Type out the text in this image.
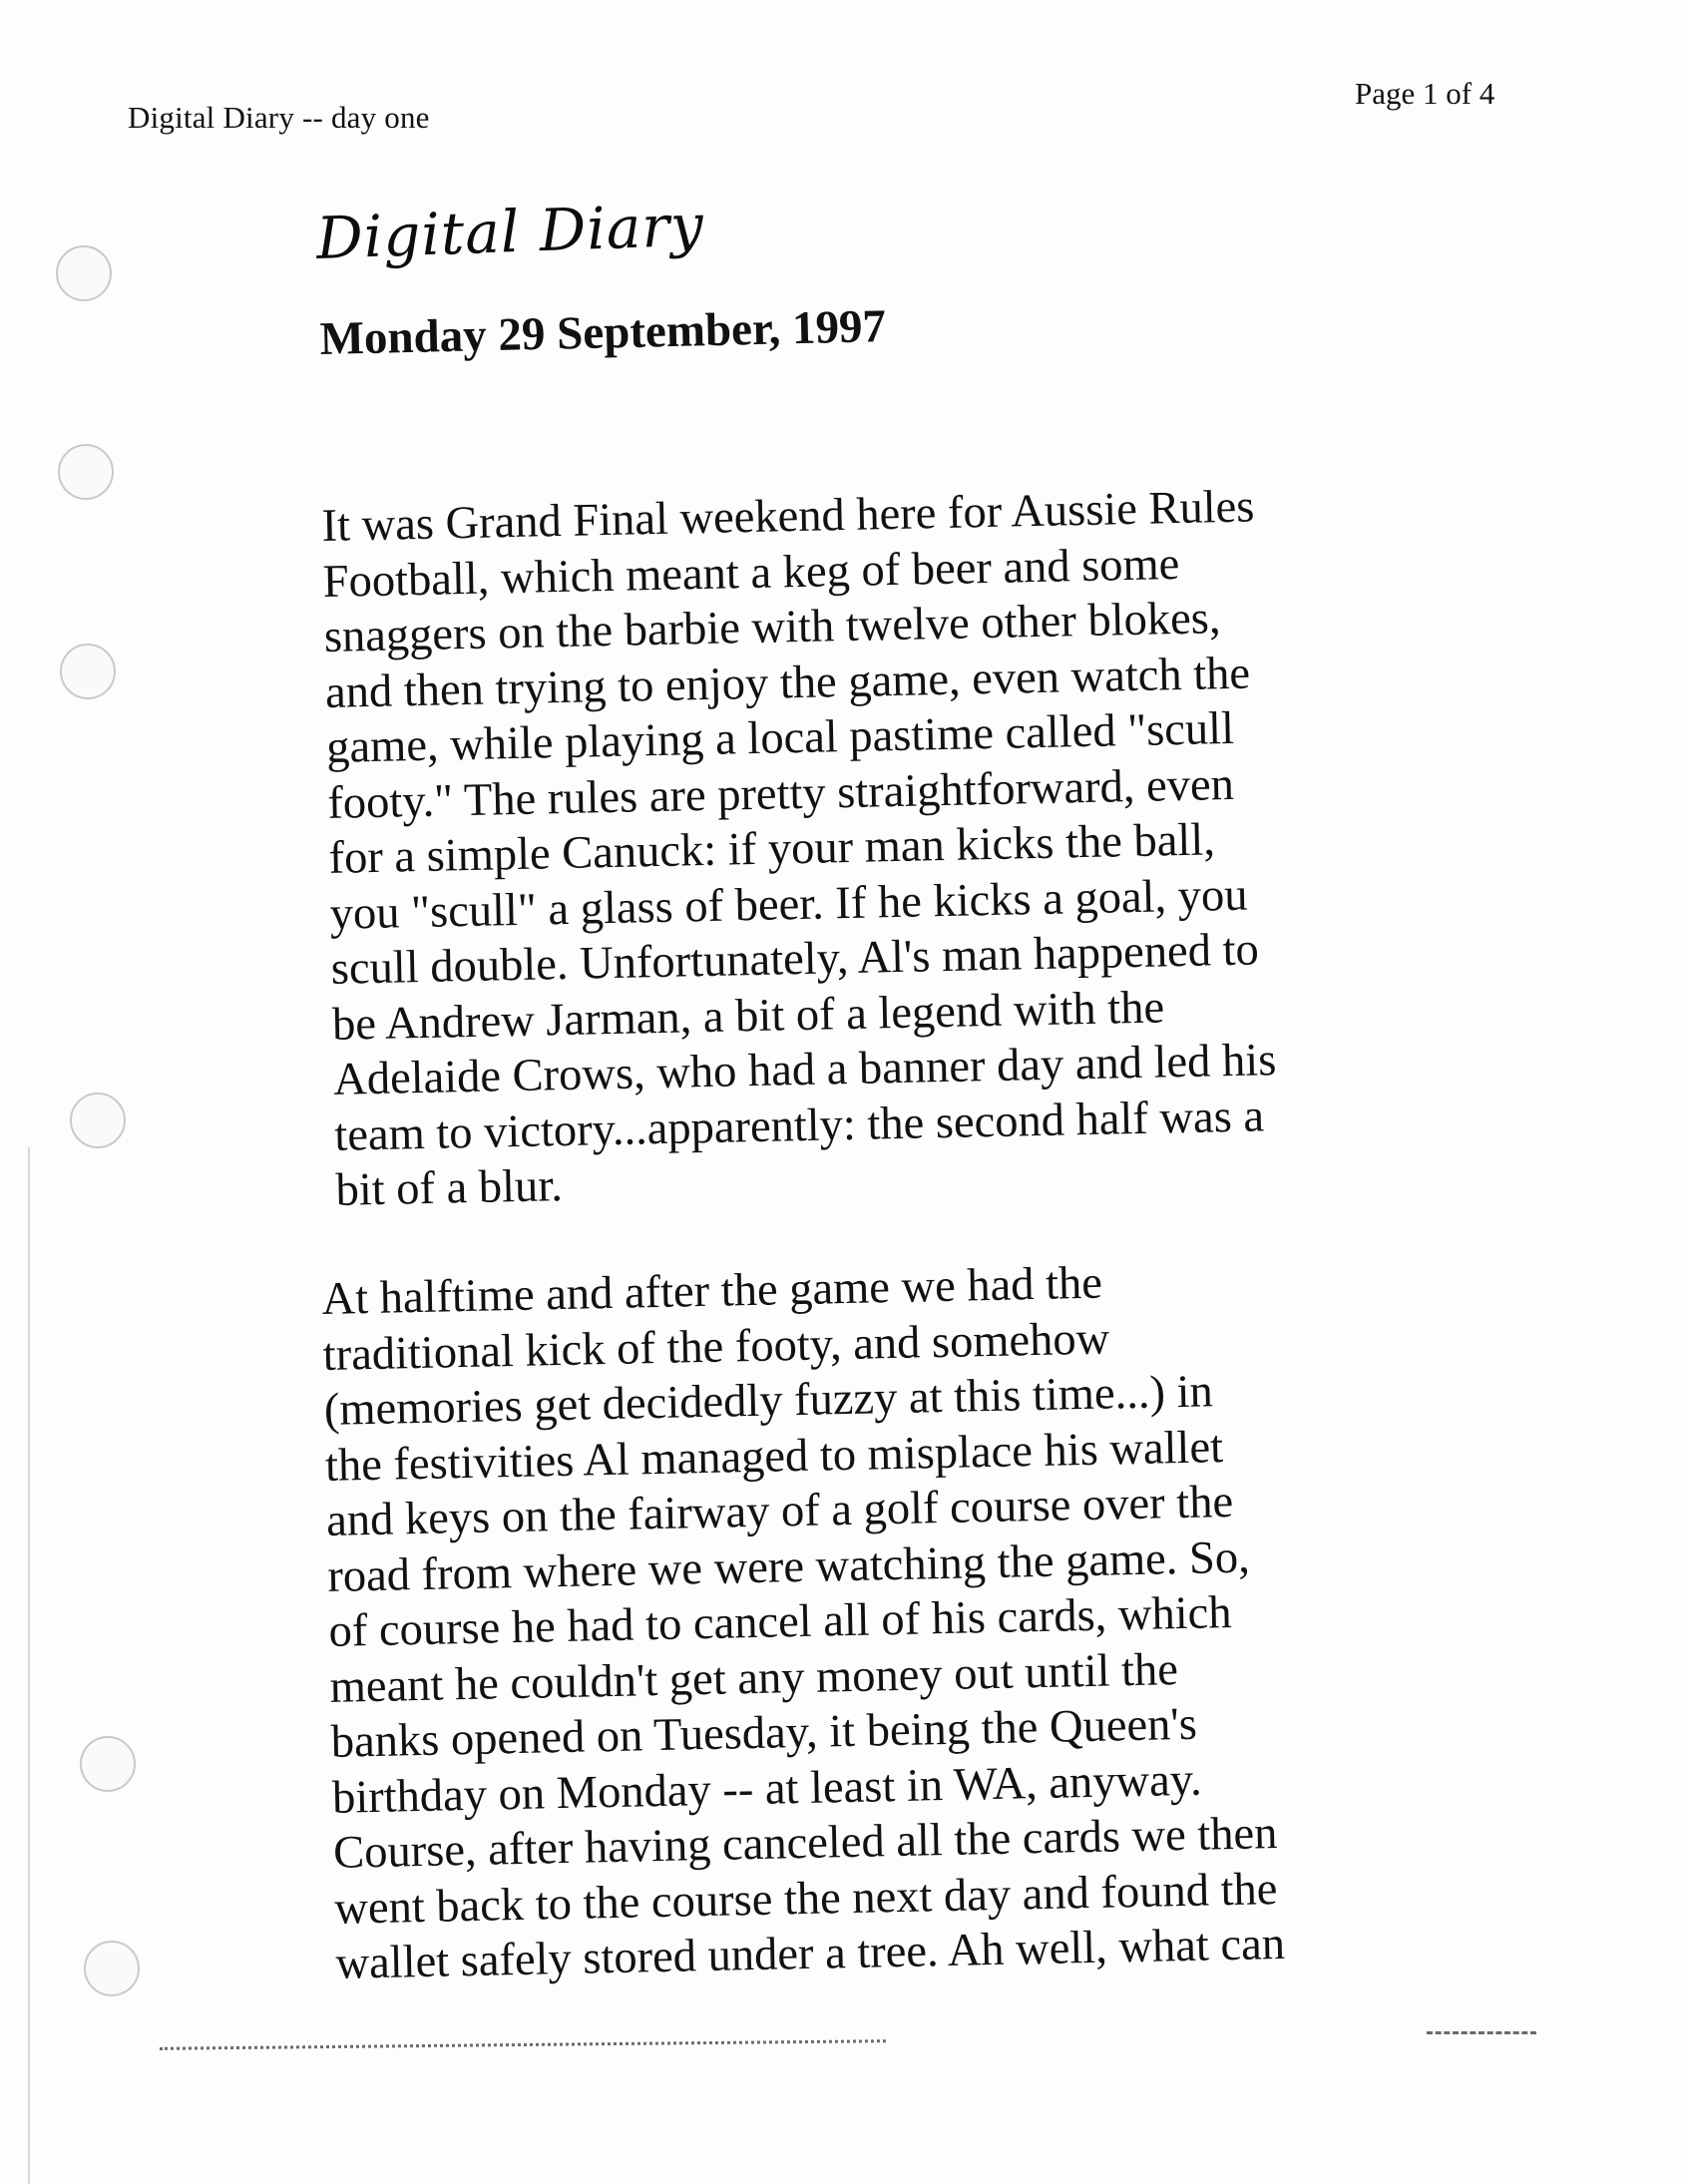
Digital Diary -- day one
Page 1 of 4
Digital Diary
Monday 29 September, 1997
It was Grand Final weekend here for Aussie Rules
Football, which meant a keg of beer and some
snaggers on the barbie with twelve other blokes,
and then trying to enjoy the game, even watch the
game, while playing a local pastime called "scull
footy." The rules are pretty straightforward, even
for a simple Canuck: if your man kicks the ball,
you "scull" a glass of beer. If he kicks a goal, you
scull double. Unfortunately, Al's man happened to
be Andrew Jarman, a bit of a legend with the
Adelaide Crows, who had a banner day and led his
team to victory...apparently: the second half was a
bit of a blur.
At halftime and after the game we had the
traditional kick of the footy, and somehow
(memories get decidedly fuzzy at this time...) in
the festivities Al managed to misplace his wallet
and keys on the fairway of a golf course over the
road from where we were watching the game. So,
of course he had to cancel all of his cards, which
meant he couldn't get any money out until the
banks opened on Tuesday, it being the Queen's
birthday on Monday -- at least in WA, anyway.
Course, after having canceled all the cards we then
went back to the course the next day and found the
wallet safely stored under a tree. Ah well, what can
